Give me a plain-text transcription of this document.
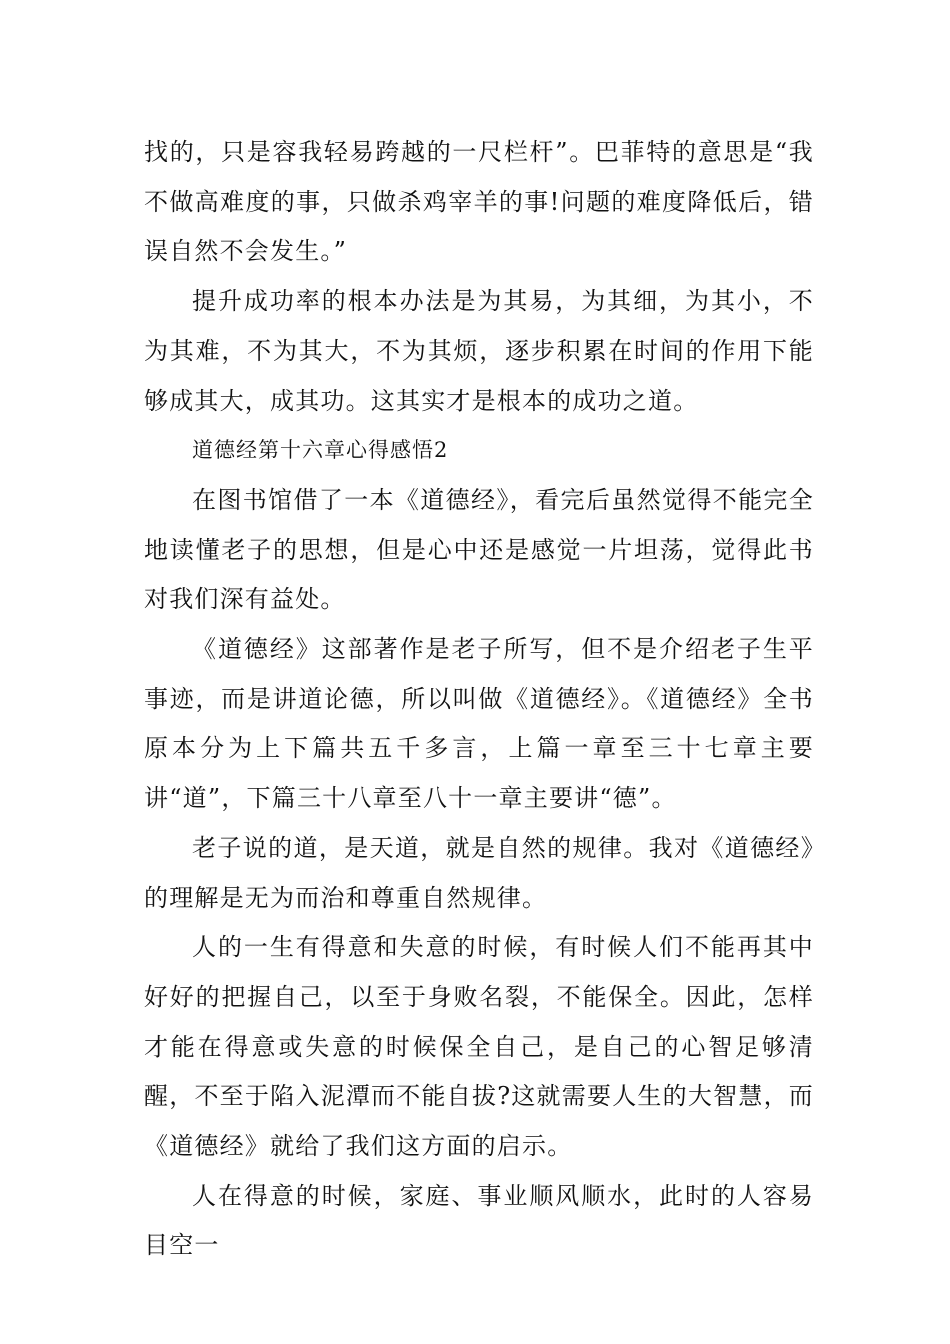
找的，只是容我轻易跨越的一尺栏杆”。巴菲特的意思是“我不做高难度的事，只做杀鸡宰羊的事!问题的难度降低后，错误自然不会发生。”

提升成功率的根本办法是为其易，为其细，为其小，不为其难，不为其大，不为其烦，逐步积累在时间的作用下能够成其大，成其功。这其实才是根本的成功之道。

道德经第十六章心得感悟2

在图书馆借了一本《道德经》，看完后虽然觉得不能完全地读懂老子的思想，但是心中还是感觉一片坦荡，觉得此书对我们深有益处。

《道德经》这部著作是老子所写，但不是介绍老子生平事迹，而是讲道论德，所以叫做《道德经》。《道德经》全书原本分为上下篇共五千多言，上篇一章至三十七章主要讲“道”，下篇三十八章至八十一章主要讲“德”。

老子说的道，是天道，就是自然的规律。我对《道德经》的理解是无为而治和尊重自然规律。

人的一生有得意和失意的时候，有时候人们不能再其中好好的把握自己，以至于身败名裂，不能保全。因此，怎样才能在得意或失意的时候保全自己，是自己的心智足够清醒，不至于陷入泥潭而不能自拔?这就需要人生的大智慧，而《道德经》就给了我们这方面的启示。

人在得意的时候，家庭、事业顺风顺水，此时的人容易目空一
